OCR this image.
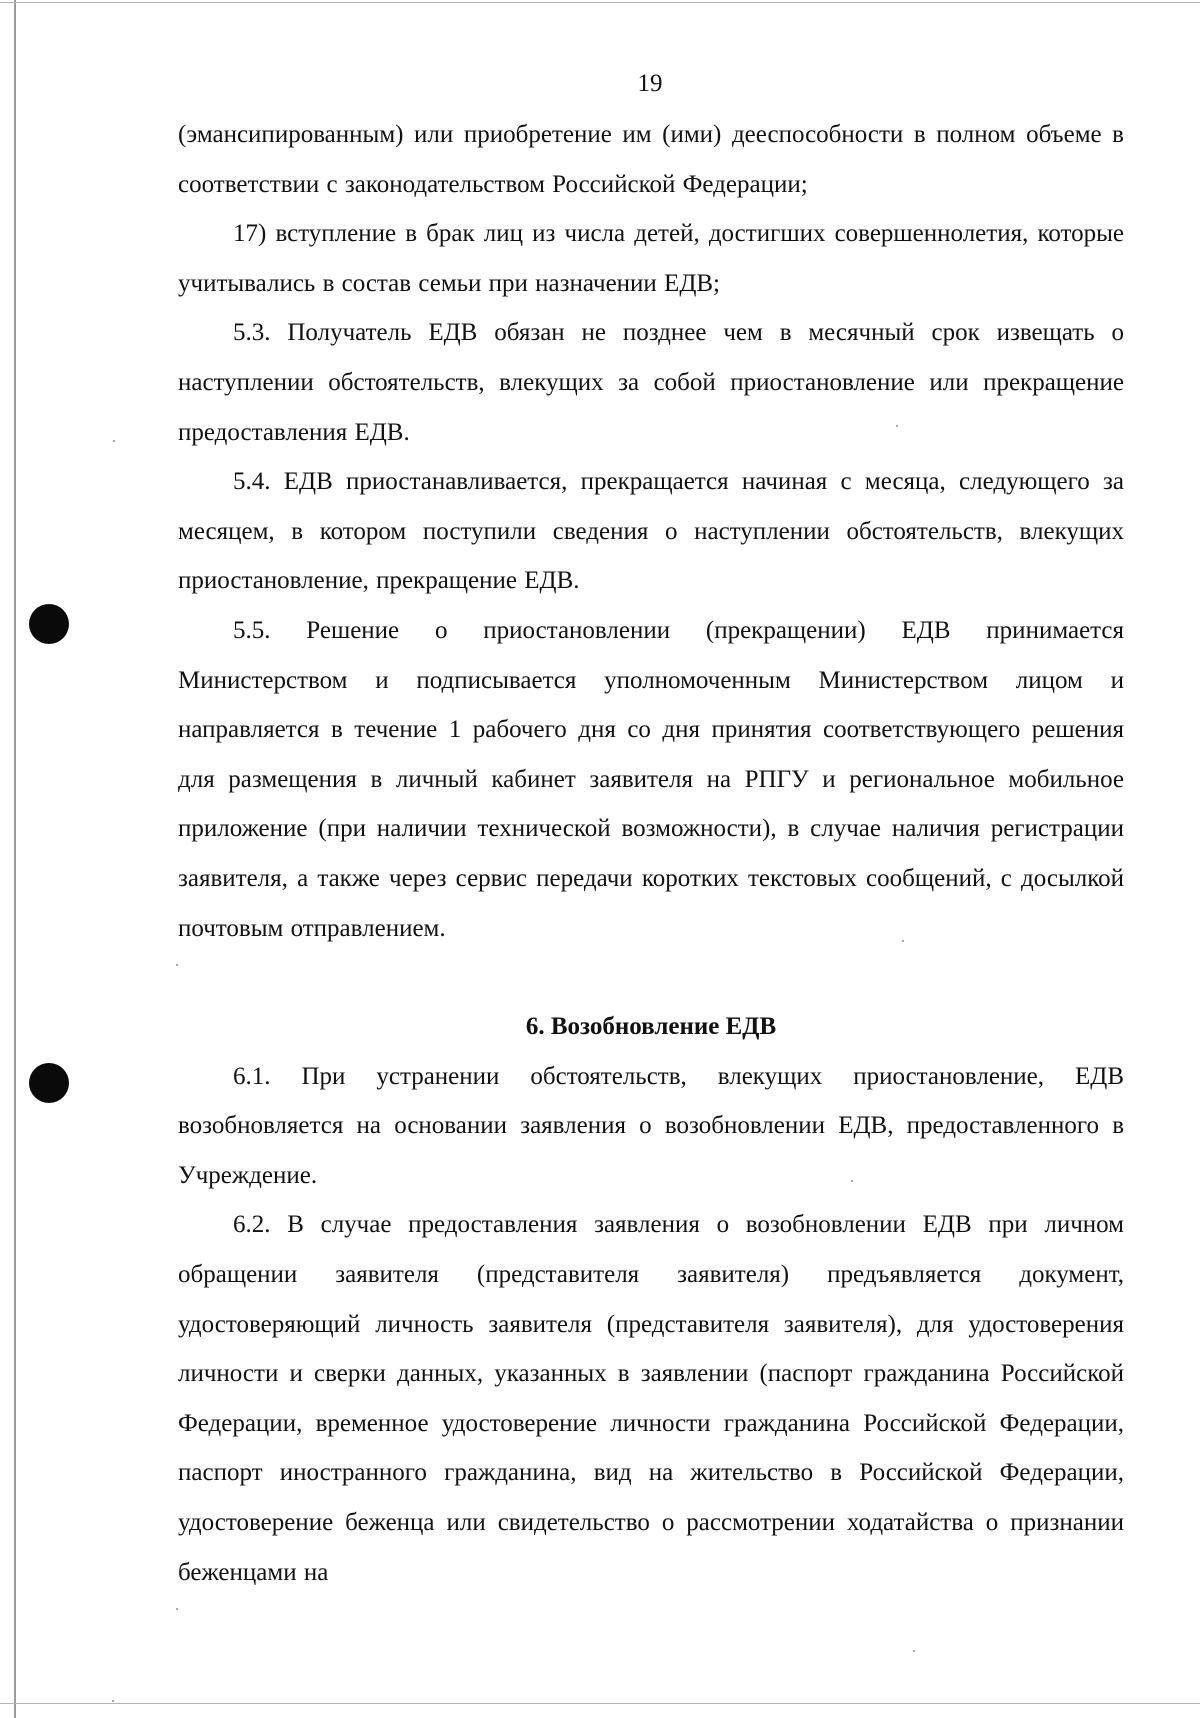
19

(эмансипированным) или приобретение им (ими) дееспособности в полном объеме в соответствии с законодательством Российской Федерации;

17) вступление в брак лиц из числа детей, достигших совершеннолетия, которые учитывались в состав семьи при назначении ЕДВ;

5.3. Получатель ЕДВ обязан не позднее чем в месячный срок извещать о наступлении обстоятельств, влекущих за собой приостановление или прекращение предоставления ЕДВ.

5.4. ЕДВ приостанавливается, прекращается начиная с месяца, следующего за месяцем, в котором поступили сведения о наступлении обстоятельств, влекущих приостановление, прекращение ЕДВ.

5.5. Решение о приостановлении (прекращении) ЕДВ принимается Министерством и подписывается уполномоченным Министерством лицом и направляется в течение 1 рабочего дня со дня принятия соответствующего решения для размещения в личный кабинет заявителя на РПГУ и региональное мобильное приложение (при наличии технической возможности), в случае наличия регистрации заявителя, а также через сервис передачи коротких текстовых сообщений, с досылкой почтовым отправлением.

6. Возобновление ЕДВ

6.1. При устранении обстоятельств, влекущих приостановление, ЕДВ возобновляется на основании заявления о возобновлении ЕДВ, предоставленного в Учреждение.

6.2. В случае предоставления заявления о возобновлении ЕДВ при личном обращении заявителя (представителя заявителя) предъявляется документ, удостоверяющий личность заявителя (представителя заявителя), для удостоверения личности и сверки данных, указанных в заявлении (паспорт гражданина Российской Федерации, временное удостоверение личности гражданина Российской Федерации, паспорт иностранного гражданина, вид на жительство в Российской Федерации, удостоверение беженца или свидетельство о рассмотрении ходатайства о признании беженцами на
